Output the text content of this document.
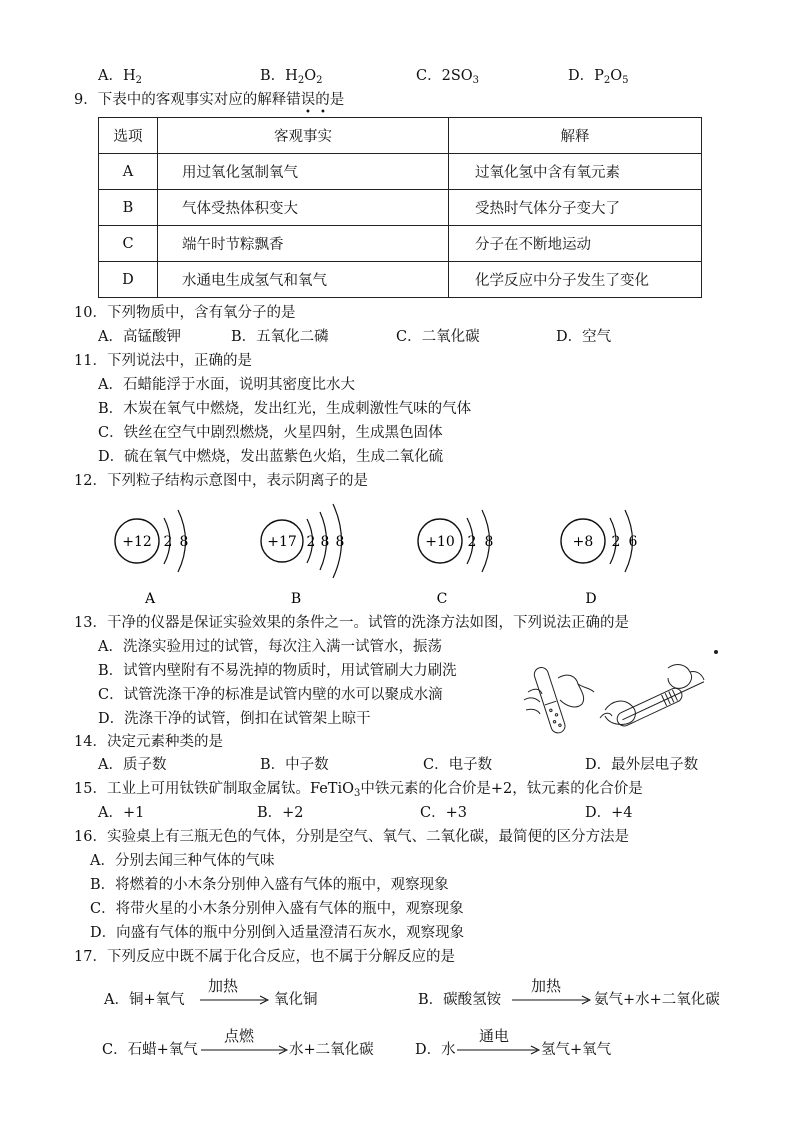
A．$H_2$	B．$H_2O_2$	C．$2SO_3$	D．$P_2O_5$
9．下表中的客观事实对应的解释错误的是
• •
选项	客观事实	解释
A	用过氧化氢制氧气	过氧化氢中含有氧元素
B	气体受热体积变大	受热时气体分子变大了
C	端午时节粽飘香	分子在不断地运动
D	水通电生成氢气和氧气	化学反应中分子发生了变化
10．下列物质中，含有氧分子的是
A．高锰酸钾	B．五氧化二磷	C．二氧化碳	D．空气
11．下列说法中，正确的是
A．石蜡能浮于水面，说明其密度比水大
B．木炭在氧气中燃烧，发出红光，生成刺激性气味的气体
C．铁丝在空气中剧烈燃烧，火星四射，生成黑色固体
D．硫在氧气中燃烧，发出蓝紫色火焰，生成二氧化硫
12．下列粒子结构示意图中，表示阴离子的是
+12 2 8
A
+17 2 8 8
B
+10 2 8
C
+8 2 6
D
13．干净的仪器是保证实验效果的条件之一。试管的洗涤方法如图，下列说法正确的是
A．洗涤实验用过的试管，每次注入满一试管水，振荡
B．试管内壁附有不易洗掉的物质时，用试管刷大力刷洗
C．试管洗涤干净的标准是试管内壁的水可以聚成水滴
D．洗涤干净的试管，倒扣在试管架上晾干
14．决定元素种类的是
A．质子数	B．中子数	C．电子数	D．最外层电子数
15．工业上可用钛铁矿制取金属钛。FeTiO$_3$中铁元素的化合价是+2，钛元素的化合价是
A．+1	B．+2	C．+3	D．+4
16．实验桌上有三瓶无色的气体，分别是空气、氧气、二氧化碳，最简便的区分方法是
A．分别去闻三种气体的气味
B．将燃着的小木条分别伸入盛有气体的瓶中，观察现象
C．将带火星的小木条分别伸入盛有气体的瓶中，观察现象
D．向盛有气体的瓶中分别倒入适量澄清石灰水，观察现象
17．下列反应中既不属于化合反应，也不属于分解反应的是
A．铜+氧气
加热
氧化铜	B．碳酸氢铵
加热
氨气+水+二氧化碳
C．石蜡+氧气
点燃
水+二氧化碳	D．水
通电
氢气+氧气
